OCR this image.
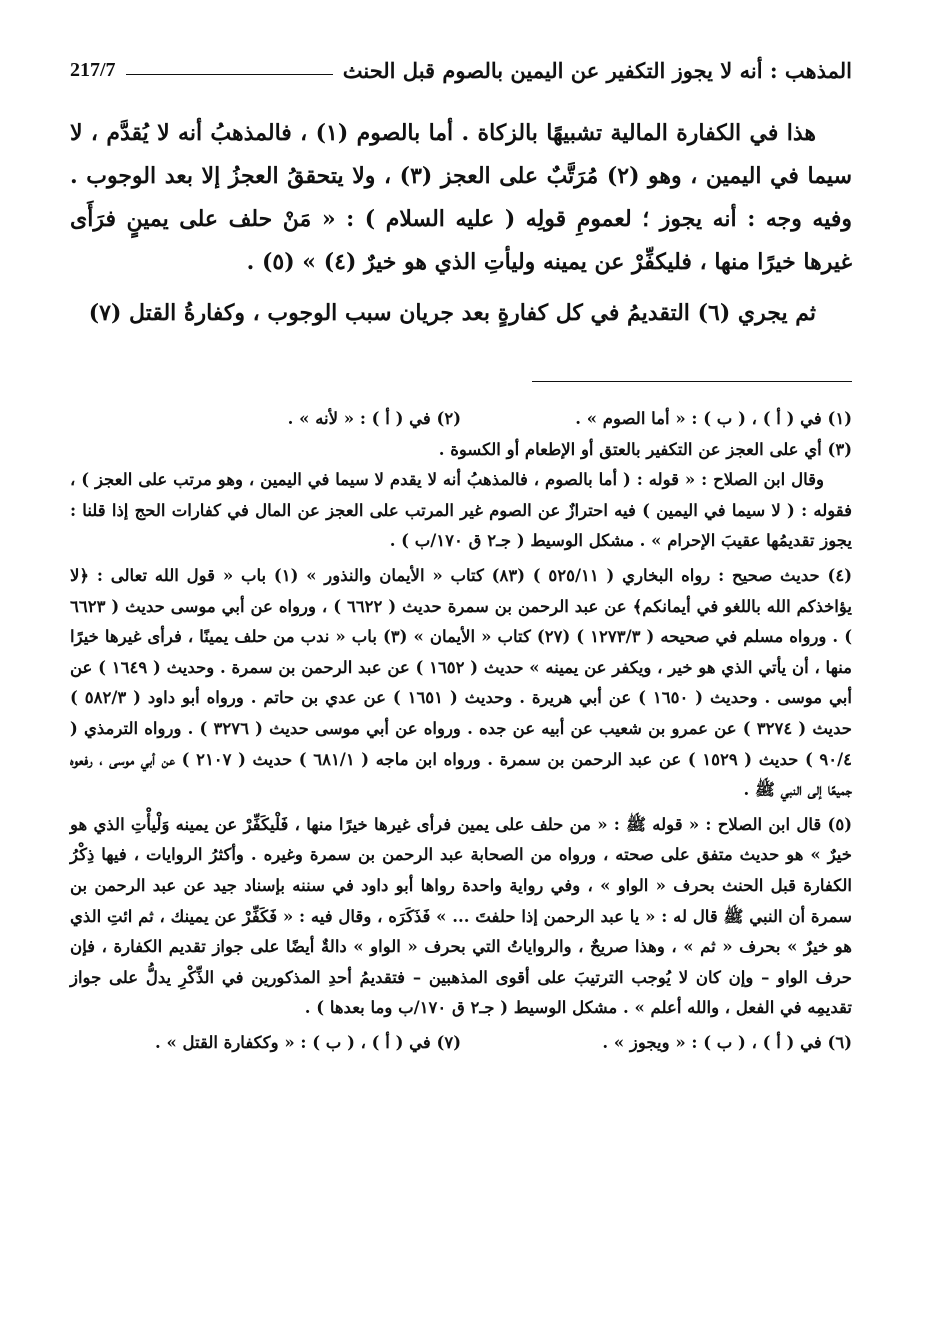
المذهب : أنه لا يجوز التكفير عن اليمين بالصوم قبل الحنث
217/7

هذا في الكفارة المالية تشبيهًا بالزكاة . أما بالصوم (١) ، فالمذهبُ أنه لا يُقدَّم ، لا سيما في اليمين ، وهو (٢) مُرَتَّبٌ على العجز (٣) ، ولا يتحققُ العجزُ إلا بعد الوجوب . وفيه وجه : أنه يجوز ؛ لعمومِ قولِه ( عليه السلام ) : « مَنْ حلف على يمينٍ فرَأَى غيرها خيرًا منها ، فليكفِّرْ عن يمينه وليأتِ الذي هو خيرٌ (٤) » (٥) .

ثم يجري (٦) التقديمُ في كل كفارةٍ بعد جريان سبب الوجوب ، وكفارةُ القتل (٧)

(١) في ( أ ) ، ( ب ) : « أما الصوم » .
(٢) في ( أ ) : « لأنه » .

(٣) أي على العجز عن التكفير بالعتق أو الإطعام أو الكسوة .

وقال ابن الصلاح : « قوله : ( أما بالصوم ، فالمذهبُ أنه لا يقدم لا سيما في اليمين ، وهو مرتب على العجز ) ، فقوله : ( لا سيما في اليمين ) فيه احترازٌ عن الصوم غير المرتب على العجز عن المال في كفارات الحج إذا قلنا : يجوز تقديمُها عقيبَ الإحرام » . مشكل الوسيط ( جـ٢ ق ١٧٠/ب ) .

(٤) حديث صحيح : رواه البخاري ( ٥٢٥/١١ ) (٨٣) كتاب « الأيمان والنذور » (١) باب « قول الله تعالى : ﴿لا يؤاخذكم الله باللغو في أيمانكم﴾ عن عبد الرحمن بن سمرة حديث ( ٦٦٢٢ ) ، ورواه عن أبي موسى حديث ( ٦٦٢٣ ) . ورواه مسلم في صحيحه ( ١٢٧٣/٣ ) (٢٧) كتاب « الأيمان » (٣) باب « ندب من حلف يمينًا ، فرأى غيرها خيرًا منها ، أن يأتي الذي هو خير ، ويكفر عن يمينه » حديث ( ١٦٥٢ ) عن عبد الرحمن بن سمرة . وحديث ( ١٦٤٩ ) عن أبي موسى . وحديث ( ١٦٥٠ ) عن أبي هريرة . وحديث ( ١٦٥١ ) عن عدي بن حاتم . ورواه أبو داود ( ٥٨٢/٣ ) حديث ( ٣٢٧٤ ) عن عمرو بن شعيب عن أبيه عن جده . ورواه عن أبي موسى حديث ( ٣٢٧٦ ) . ورواه الترمذي ( ٩٠/٤ ) حديث ( ١٥٢٩ ) عن عبد الرحمن بن سمرة . ورواه ابن ماجه ( ٦٨١/١ ) حديث ( ٢١٠٧ ) عن أبي موسى ، رفعوه جميعًا إلى النبي ﷺ .

(٥) قال ابن الصلاح : « قوله ﷺ : « من حلف على يمين فرأى غيرها خيرًا منها ، فَلْيكَفِّرْ عن يمينه وَلْيأْتِ الذي هو خيرٌ » هو حديث متفق على صحته ، ورواه من الصحابة عبد الرحمن بن سمرة وغيره . وأكثرُ الروايات ، فيها ذِكْرُ الكفارة قبل الحنث بحرف « الواو » ، وفي رواية واحدة رواها أبو داود في سننه بإسناد جيد عن عبد الرحمن بن سمرة أن النبي ﷺ قال له : « يا عبد الرحمن إذا حلفتَ ... » فَذَكَرَه ، وقال فيه : « فَكَفِّرْ عن يمينك ، ثم ائتِ الذي هو خيرٌ » بحرف « ثم » ، وهذا صريحٌ ، والرواياتُ التي بحرف « الواو » دالةٌ أيضًا على جواز تقديم الكفارة ، فإن حرف الواو – وإن كان لا يُوجب الترتيبَ على أقوى المذهبين – فتقديمُ أحدِ المذكورين في الذِّكْرِ يدلُّ على جواز تقديمِه في الفعل ، والله أعلم » . مشكل الوسيط ( جـ٢ ق ١٧٠/ب وما بعدها ) .

(٦) في ( أ ) ، ( ب ) : « ويجوز » .
(٧) في ( أ ) ، ( ب ) : « وككفارة القتل » .
